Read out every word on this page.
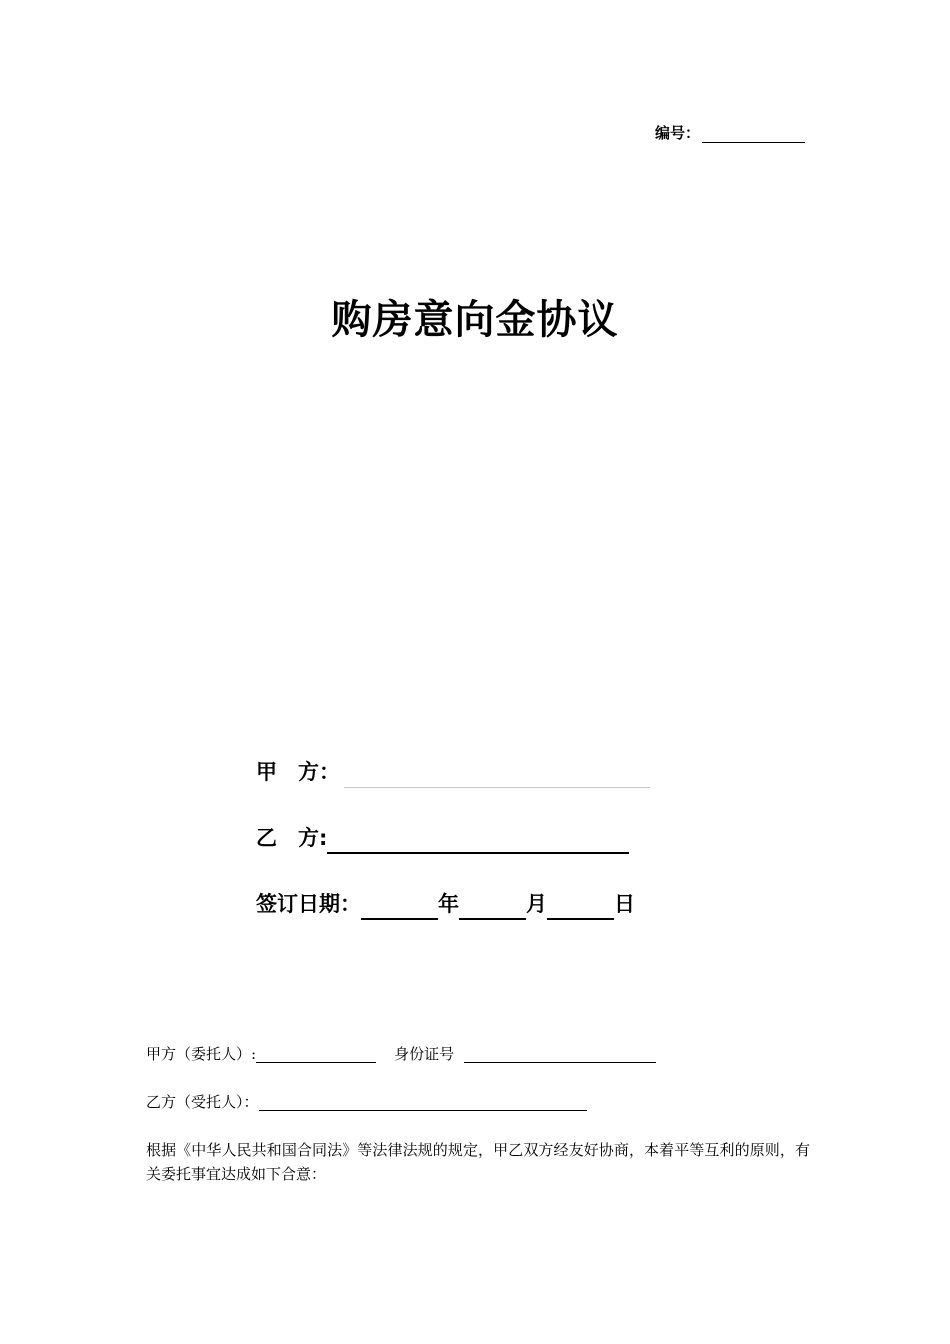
编号：
购房意向金协议
甲　方：
乙　方:
签订日期：	年	月	日
甲方（委托人）:	身份证号
乙方（受托人）：
根据《中华人民共和国合同法》等法律法规的规定，甲乙双方经友好协商，本着平等互利的原则，有关委托事宜达成如下合意：
